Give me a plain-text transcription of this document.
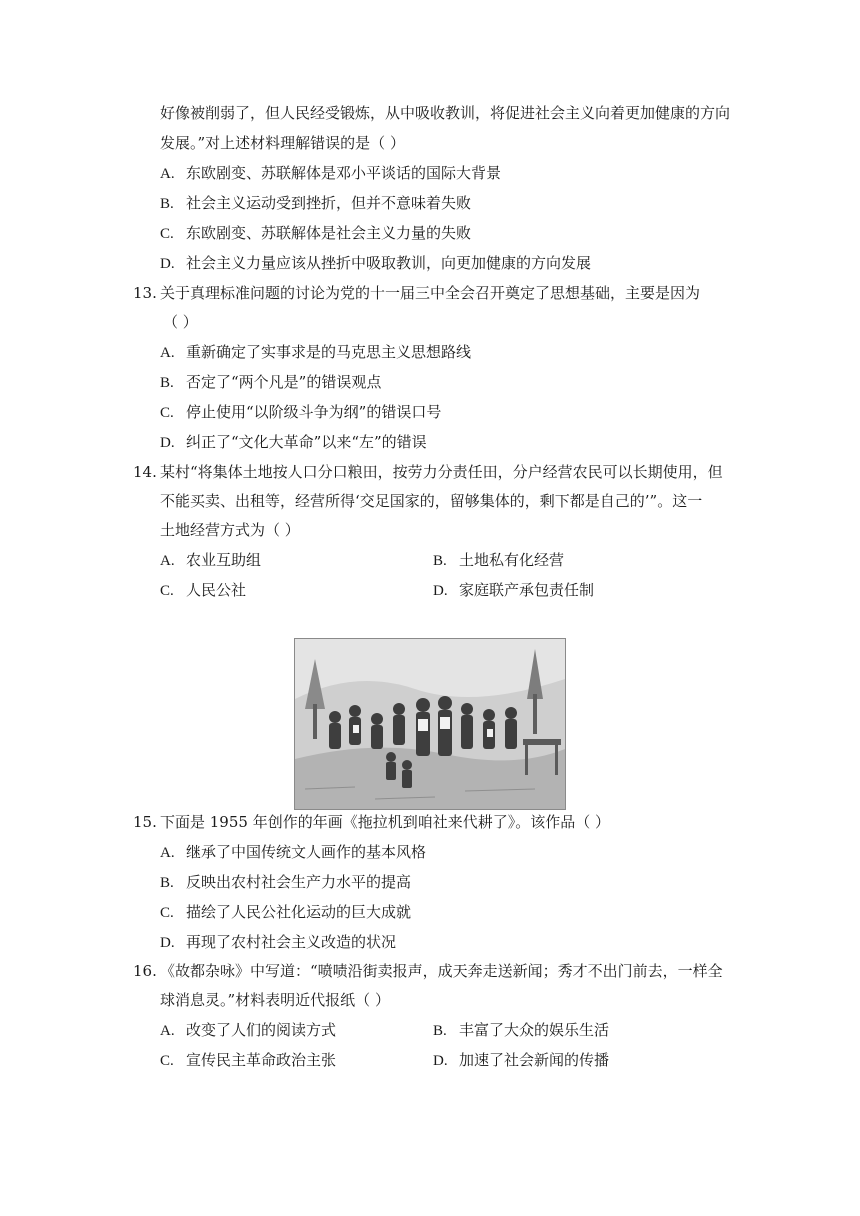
好像被削弱了，但人民经受锻炼，从中吸收教训，将促进社会主义向着更加健康的方向
发展。”对上述材料理解错误的是（ ）
A. 东欧剧变、苏联解体是邓小平谈话的国际大背景
B. 社会主义运动受到挫折，但并不意味着失败
C. 东欧剧变、苏联解体是社会主义力量的失败
D. 社会主义力量应该从挫折中吸取教训，向更加健康的方向发展
13. 关于真理标准问题的讨论为党的十一届三中全会召开奠定了思想基础，主要是因为
（ ）
A. 重新确定了实事求是的马克思主义思想路线
B. 否定了“两个凡是”的错误观点
C. 停止使用“以阶级斗争为纲”的错误口号
D. 纠正了“文化大革命”以来“左”的错误
14. 某村“将集体土地按人口分口粮田，按劳力分责任田，分户经营农民可以长期使用，但
不能买卖、出租等，经营所得‘交足国家的，留够集体的，剩下都是自己的’”。这一
土地经营方式为（ ）
A. 农业互助组	B. 土地私有化经营
C. 人民公社	D. 家庭联产承包责任制
15. 下面是 1955 年创作的年画《拖拉机到咱社来代耕了》。该作品（ ）
A. 继承了中国传统文人画作的基本风格
B. 反映出农村社会生产力水平的提高
C. 描绘了人民公社化运动的巨大成就
D. 再现了农村社会主义改造的状况
16. 《故都杂咏》中写道：“喷啧沿街卖报声，成天奔走送新闻；秀才不出门前去，一样全
球消息灵。”材料表明近代报纸（ ）
A. 改变了人们的阅读方式	B. 丰富了大众的娱乐生活
C. 宣传民主革命政治主张	D. 加速了社会新闻的传播
